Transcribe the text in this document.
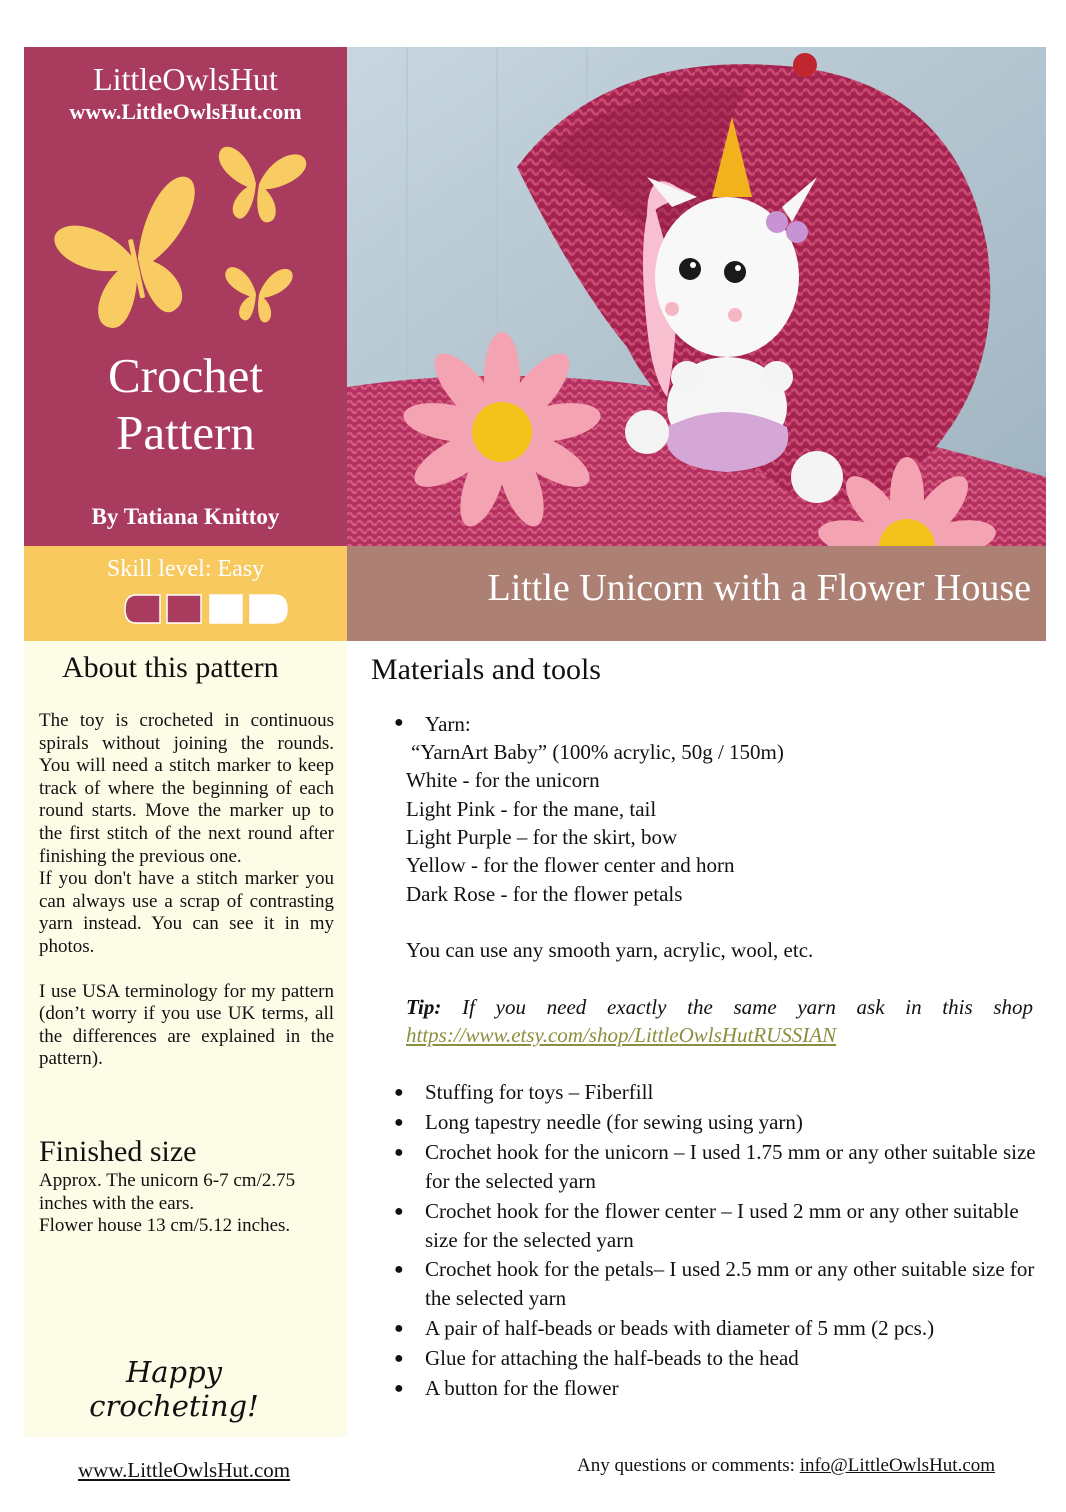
LittleOwlsHut
www.LittleOwlsHut.com
Crochet
Pattern
By Tatiana Knittoy
Skill level: Easy	Little Unicorn with a Flower House
About this pattern

The toy is crocheted in continuous spirals without joining the rounds. You will need a stitch marker to keep track of where the beginning of each round starts. Move the marker up to the first stitch of the next round after finishing the previous one.

If you don't have a stitch marker you can always use a scrap of contrasting yarn instead. You can see it in my photos.

I use USA terminology for my pattern (don’t worry if you use UK terms, all the differences are explained in the pattern).

Finished size
Approx. The unicorn 6-7 cm/2.75 inches with the ears.
Flower house 13 cm/5.12 inches.
Happy
crocheting!
Materials and tools
● Yarn:
“YarnArt Baby” (100% acrylic, 50g / 150m)
White - for the unicorn
Light Pink - for the mane, tail
Light Purple – for the skirt, bow
Yellow - for the flower center and horn
Dark Rose - for the flower petals
You can use any smooth yarn, acrylic, wool, etc.
Tip: If you need exactly the same yarn ask in this shop
https://www.etsy.com/shop/LittleOwlsHutRUSSIAN
● Stuffing for toys – Fiberfill
● Long tapestry needle (for sewing using yarn)
● Crochet hook for the unicorn – I used 1.75 mm or any other suitable size for the selected yarn
● Crochet hook for the flower center – I used 2 mm or any other suitable size for the selected yarn
● Crochet hook for the petals– I used 2.5 mm or any other suitable size for the selected yarn
● A pair of half-beads or beads with diameter of 5 mm (2 pcs.)
● Glue for attaching the half-beads to the head
● A button for the flower
www.LittleOwlsHut.com	Any questions or comments: info@LittleOwlsHut.com
